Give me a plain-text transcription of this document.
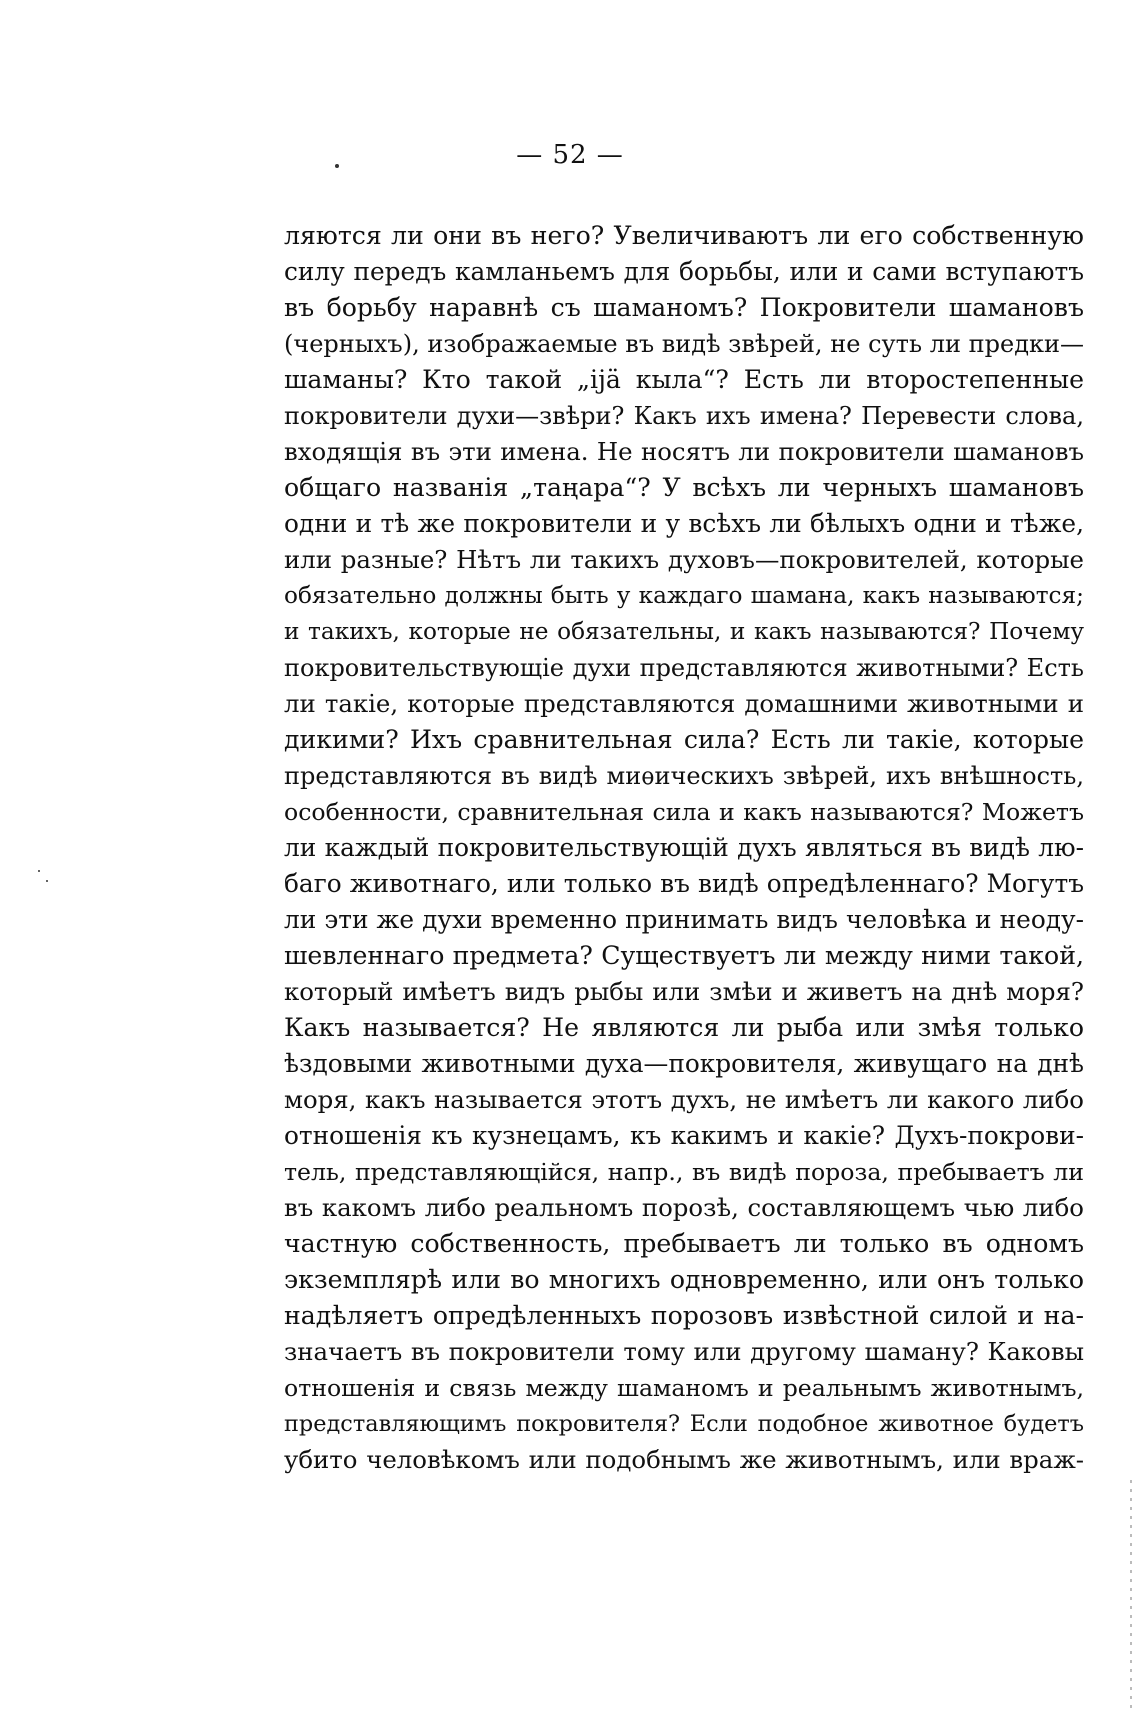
— 52 —
ляются ли они въ него? Увеличиваютъ ли его собственную
силу передъ камланьемъ для борьбы, или и сами вступаютъ
въ борьбу наравнѣ съ шаманомъ? Покровители шамановъ
(черныхъ), изображаемые въ видѣ звѣрей, не суть ли предки—
шаманы? Кто такой „ijä кыла“? Есть ли второстепенные
покровители духи—звѣри? Какъ ихъ имена? Перевести слова,
входящія въ эти имена. Не носятъ ли покровители шамановъ
общаго названія „таңара“? У всѣхъ ли черныхъ шамановъ
одни и тѣ же покровители и у всѣхъ ли бѣлыхъ одни и тѣже,
или разные? Нѣтъ ли такихъ духовъ—покровителей, которые
обязательно должны быть у каждаго шамана, какъ называются;
и такихъ, которые не обязательны, и какъ называются? Почему
покровительствующіе духи представляются животными? Есть
ли такіе, которые представляются домашними животными и
дикими? Ихъ сравнительная сила? Есть ли такіе, которые
представляются въ видѣ миѳическихъ звѣрей, ихъ внѣшность,
особенности, сравнительная сила и какъ называются? Можетъ
ли каждый покровительствующій духъ являться въ видѣ лю-
баго животнаго, или только въ видѣ опредѣленнаго? Могутъ
ли эти же духи временно принимать видъ человѣка и неоду-
шевленнаго предмета? Существуетъ ли между ними такой,
который имѣетъ видъ рыбы или змѣи и живетъ на днѣ моря?
Какъ называется? Не являются ли рыба или змѣя только
ѣздовыми животными духа—покровителя, живущаго на днѣ
моря, какъ называется этотъ духъ, не имѣетъ ли какого либо
отношенія къ кузнецамъ, къ какимъ и какіе? Духъ-покрови-
тель, представляющійся, напр., въ видѣ пороза, пребываетъ ли
въ какомъ либо реальномъ порозѣ, составляющемъ чью либо
частную собственность, пребываетъ ли только въ одномъ
экземплярѣ или во многихъ одновременно, или онъ только
надѣляетъ опредѣленныхъ порозовъ извѣстной силой и на-
значаетъ въ покровители тому или другому шаману? Каковы
отношенія и связь между шаманомъ и реальнымъ животнымъ,
представляющимъ покровителя? Если подобное животное будетъ
убито человѣкомъ или подобнымъ же животнымъ, или враж-
